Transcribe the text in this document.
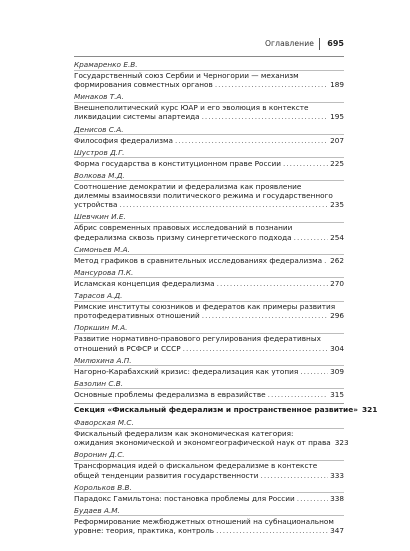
Оглавление 695
Крамаренко Е.В.
Государственный союз Сербии и Черногории — механизм
формирования совместных органов .....	189
Минаков Т.А.
Внешнеполитический курс ЮАР и его эволюция в контексте
ликвидации системы апартеида .....	195
Денисов С.А.
Философия федерализма .....	207
Шустров Д.Г.
Форма государства в конституционном праве России .....	225
Волкова М.Д.
Соотношение демократии и федерализма как проявление
дилеммы взаимосвязи политического режима и государственного
устройства .....	235
Шевчкин И.Е.
Абрис современных правовых исследований в познании
федерализма сквозь призму синергетического подхода .....	254
Симоньев М.А.
Метод графиков в сравнительных исследованиях федерализма ..... 262
Мансурова П.К.
Исламская концепция федерализма .....	270
Тарасов А.Д.
Римские институты союзников и федератов как примеры развития
протофедеративных отношений .....	296
Поркшин М.А.
Развитие нормативно-правового регулирования федеративных
отношений в РСФСР и СССР .....	304
Милюхина А.П.
Нагорно-Карабахский кризис: федерализация как утопия .....	309
Базолин С.В.
Основные проблемы федерализма в евразийстве .....	315
Секция «Фискальный федерализм и пространственное развитие» 321
Фаворская М.С.
Фискальный федерализм как экономическая категория:
ожидания экономической и экономгеографической наук от права 323
Воронин Д.С.
Трансформация идей о фискальном федерализме в контексте
общей тенденции развития государственности .....	333
Корольков В.В.
Парадокс Гамильтона: постановка проблемы для России .....	338
Будаев А.М.
Реформирование межбюджетных отношений на субнациональном
уровне: теория, практика, контроль .....	347
